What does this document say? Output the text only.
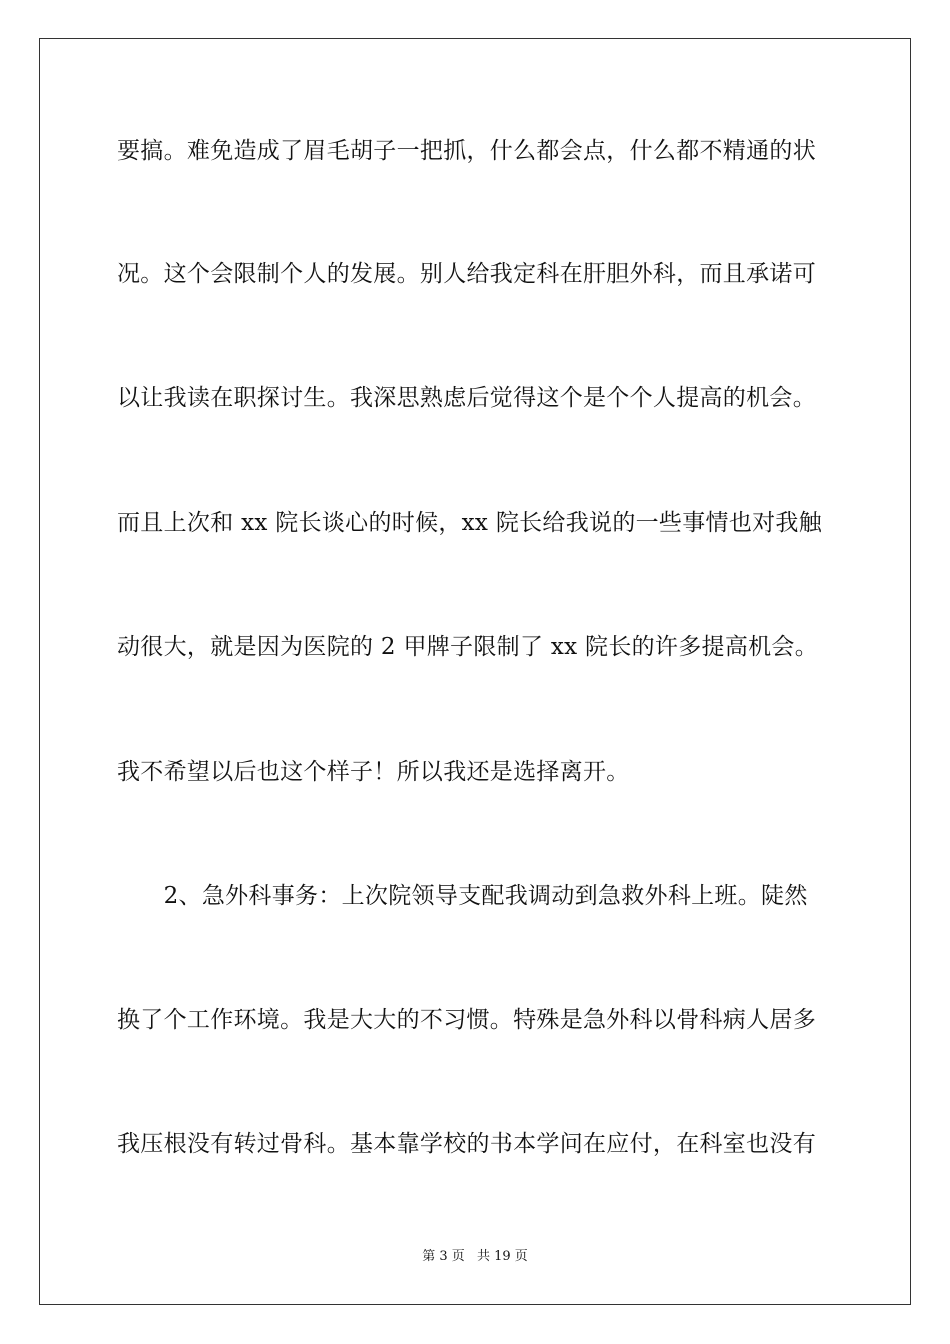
要搞。难免造成了眉毛胡子一把抓，什么都会点，什么都不精通的状
况。这个会限制个人的发展。别人给我定科在肝胆外科，而且承诺可
以让我读在职探讨生。我深思熟虑后觉得这个是个个人提高的机会。
而且上次和 xx 院长谈心的时候，xx 院长给我说的一些事情也对我触
动很大，就是因为医院的 2 甲牌子限制了 xx 院长的许多提高机会。
我不希望以后也这个样子！所以我还是选择离开。
　　2、急外科事务：上次院领导支配我调动到急救外科上班。陡然
换了个工作环境。我是大大的不习惯。特殊是急外科以骨科病人居多
我压根没有转过骨科。基本靠学校的书本学问在应付，在科室也没有
第 3 页 共 19 页
